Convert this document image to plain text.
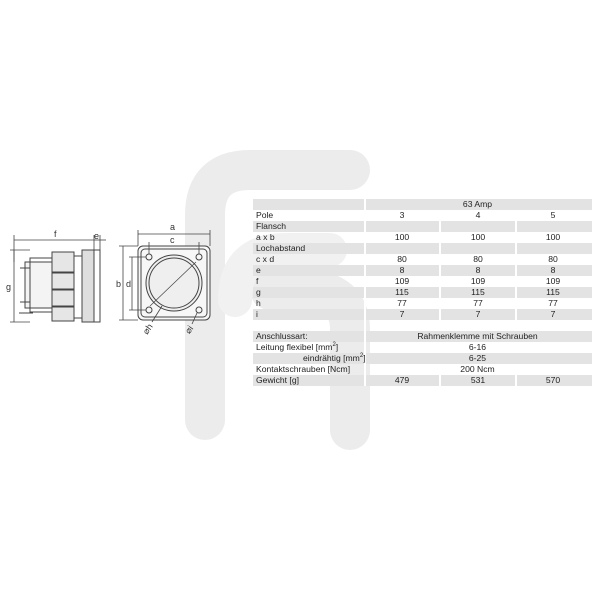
f	e
g
a
c
b d
⌀h	⌀i
63 Amp
Pole	3	4	5
Flansch
a x b	100	100	100
Lochabstand
c x d	80	80	80
e	8	8	8
f	109	109	109
g	115	115	115
h	77	77	77
i	7	7	7
Anschlussart:	Rahmenklemme mit Schrauben
Leitung flexibel $[mm^2]$	6-16
eindrähtig $[mm^2]$	6-25
Kontaktschrauben [Ncm]	200 Ncm
Gewicht [g]	479	531	570
